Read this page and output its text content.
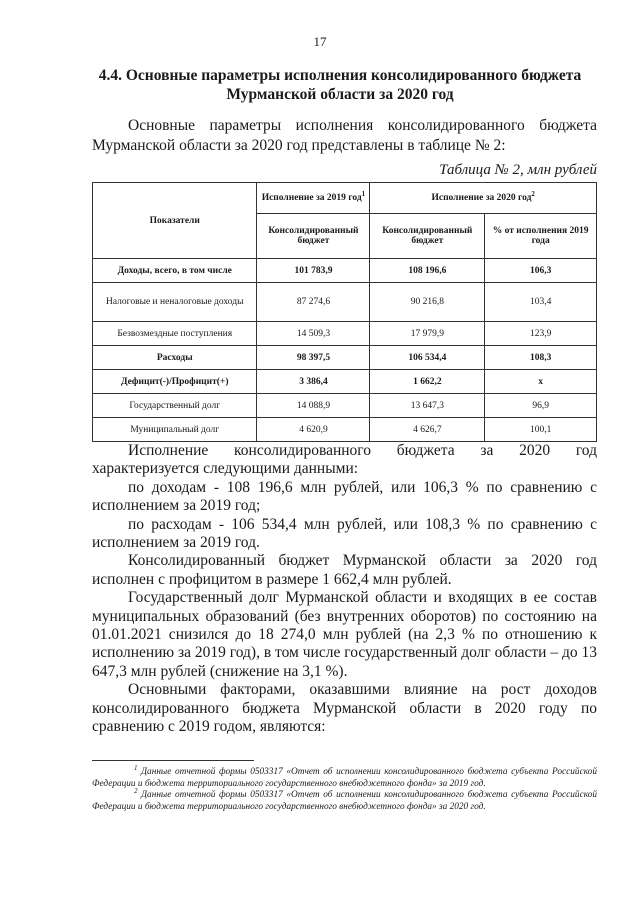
17
4.4. Основные параметры исполнения консолидированного бюджета
Мурманской области за 2020 год
Основные параметры исполнения консолидированного бюджета Мурманской области за 2020 год представлены в таблице № 2:
Таблица № 2, млн рублей
Показатели	Исполнение за 2019 год$^1$	Исполнение за 2020 год$^2$
	Консолидированный бюджет	Консолидированный бюджет	% от исполнения 2019 года
Доходы, всего, в том числе	101 783,9	108 196,6	106,3
Налоговые и неналоговые доходы	87 274,6	90 216,8	103,4
Безвозмездные поступления	14 509,3	17 979,9	123,9
Расходы	98 397,5	106 534,4	108,3
Дефицит(-)/Профицит(+)	3 386,4	1 662,2	х
Государственный долг	14 088,9	13 647,3	96,9
Муниципальный долг	4 620,9	4 626,7	100,1

Исполнение консолидированного бюджета за 2020 год характеризуется следующими данными:

по доходам - 108 196,6 млн рублей, или 106,3 % по сравнению с исполнением за 2019 год;

по расходам - 106 534,4 млн рублей, или 108,3 % по сравнению с исполнением за 2019 год.

Консолидированный бюджет Мурманской области за 2020 год исполнен с профицитом в размере 1 662,4 млн рублей.

Государственный долг Мурманской области и входящих в ее состав муниципальных образований (без внутренних оборотов) по состоянию на 01.01.2021 снизился до 18 274,0 млн рублей (на 2,3 % по отношению к исполнению за 2019 год), в том числе государственный долг области – до 13 647,3 млн рублей (снижение на 3,1 %).

Основными факторами, оказавшими влияние на рост доходов консолидированного бюджета Мурманской области в 2020 году по сравнению с 2019 годом, являются:

$^1$ Данные отчетной формы 0503317 «Отчет об исполнении консолидированного бюджета субъекта Российской Федерации и бюджета территориального государственного внебюджетного фонда» за 2019 год.

$^2$ Данные отчетной формы 0503317 «Отчет об исполнении консолидированного бюджета субъекта Российской Федерации и бюджета территориального государственного внебюджетного фонда» за 2020 год.
